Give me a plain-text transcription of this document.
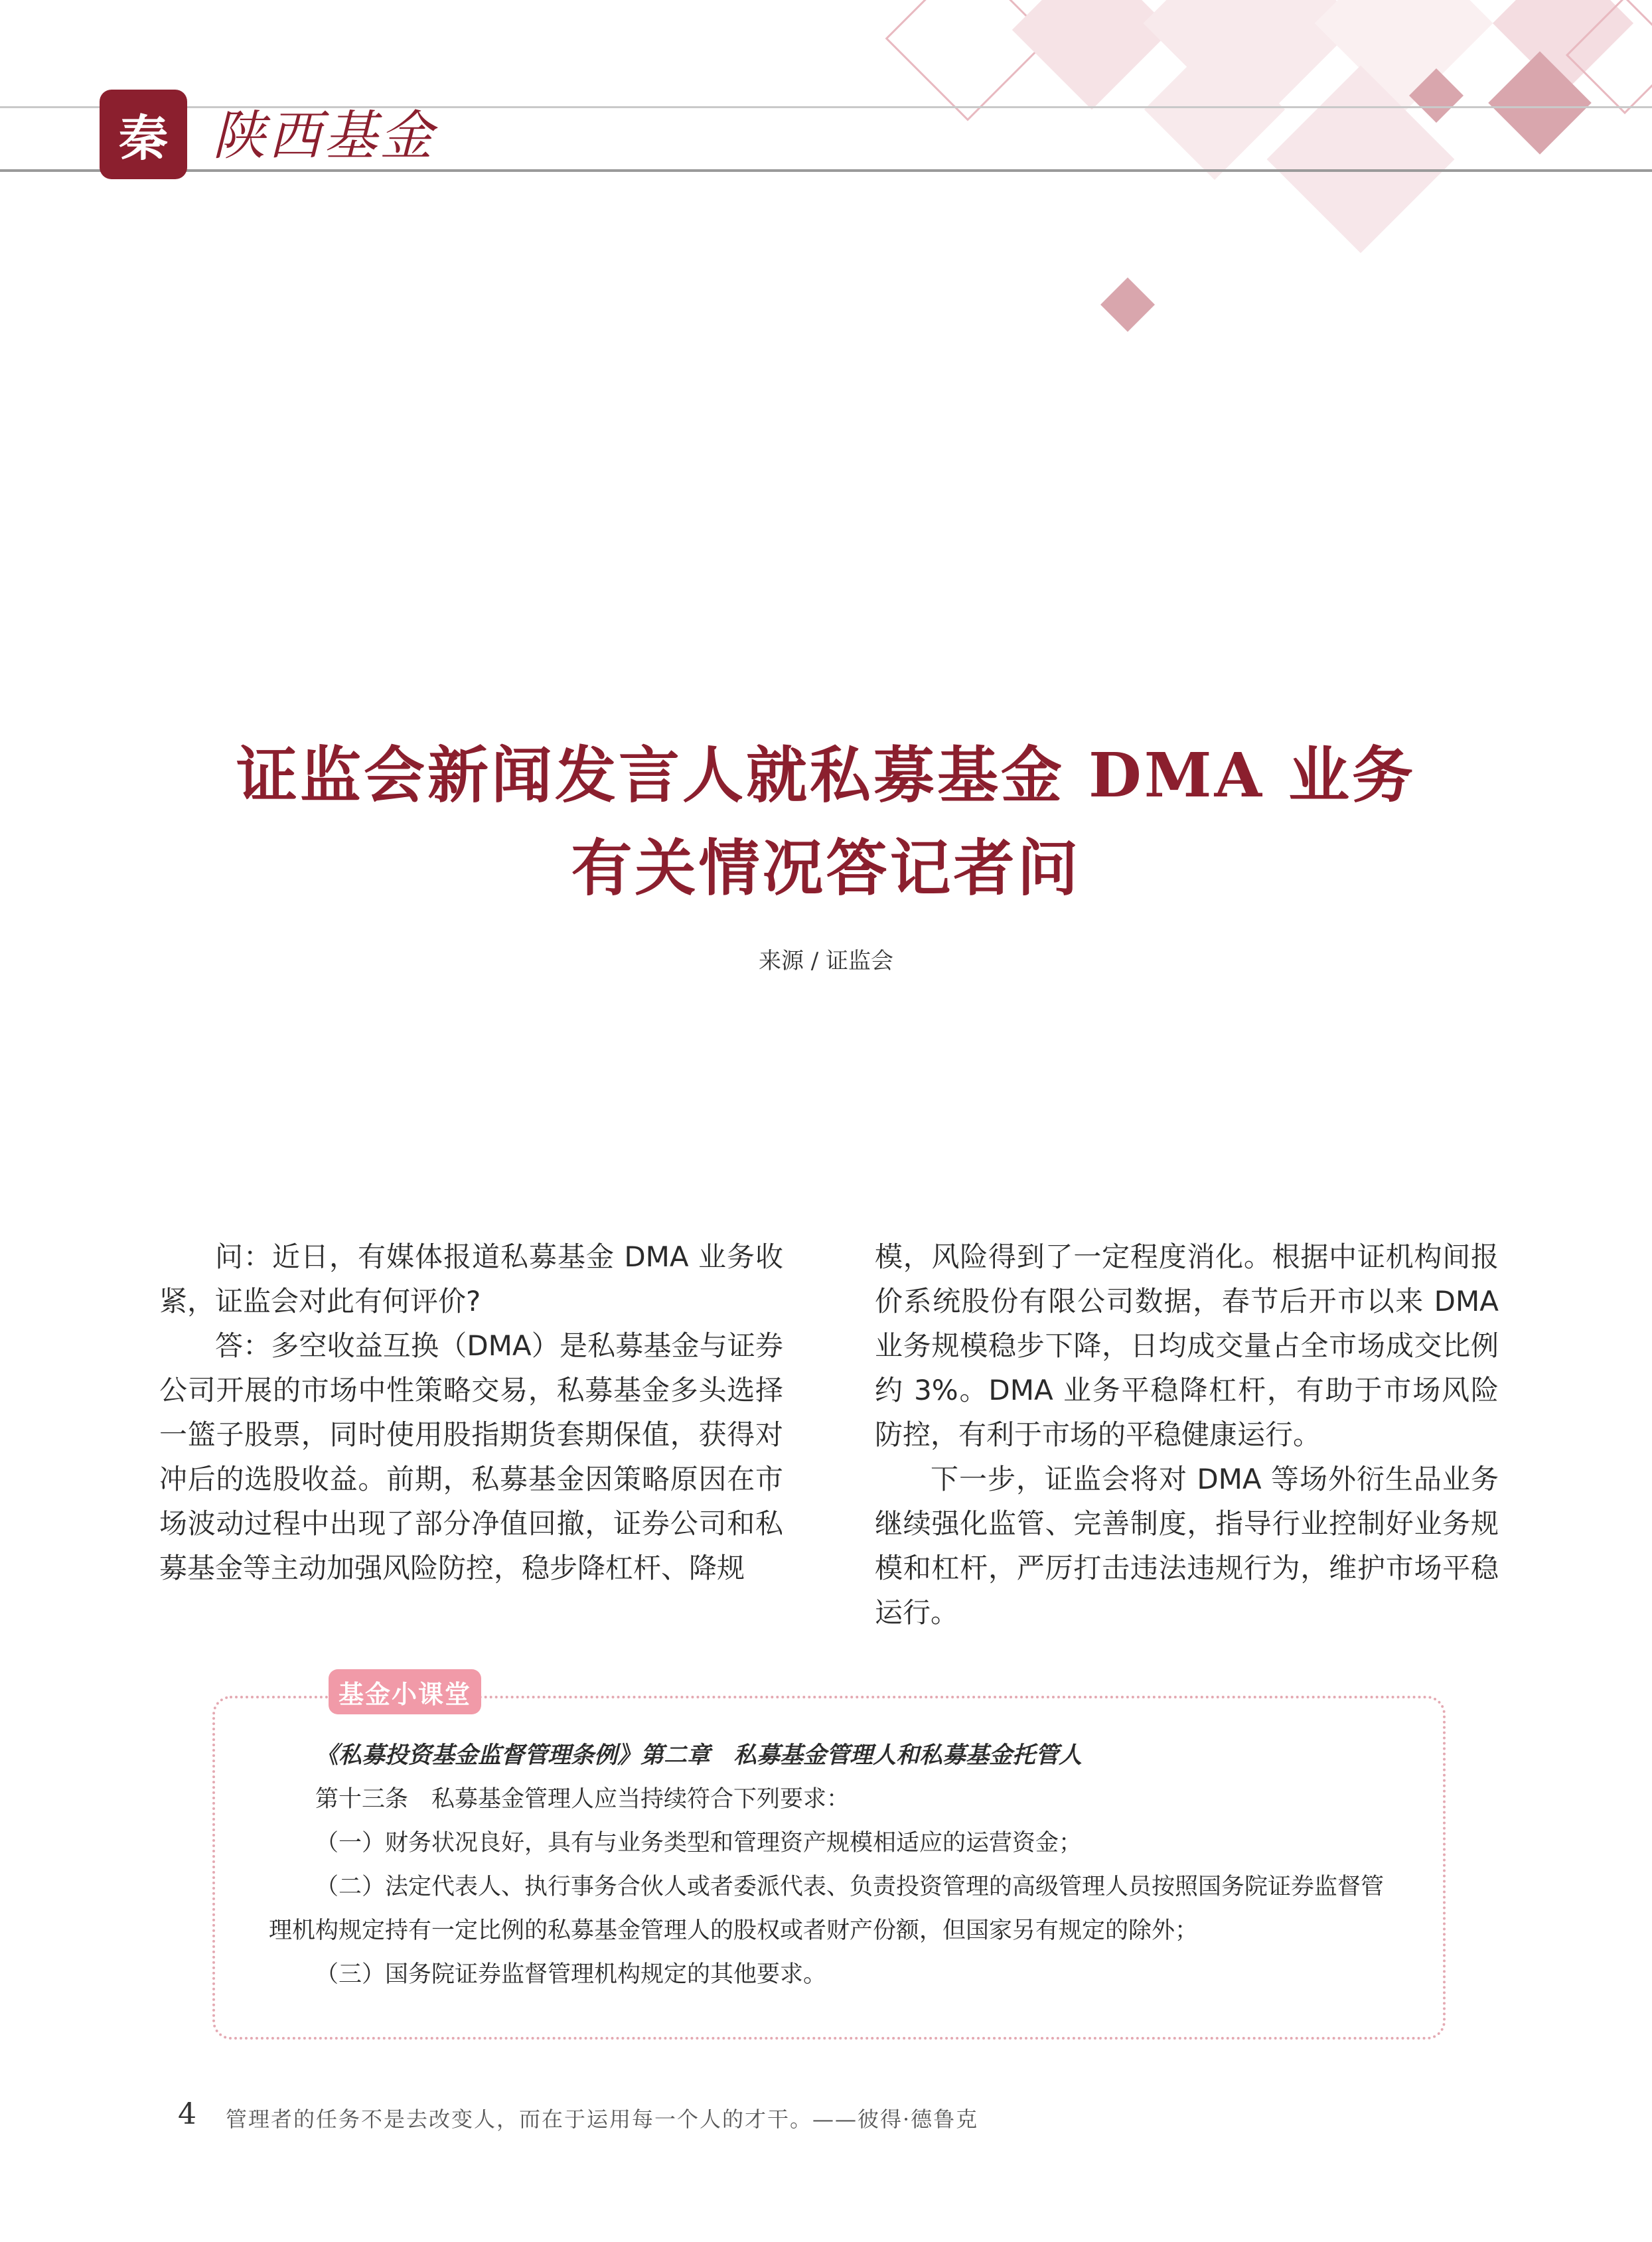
秦 陕西基金
证监会新闻发言人就私募基金 DMA 业务
有关情况答记者问
来源 / 证监会

问：近日，有媒体报道私募基金 DMA 业务收紧，证监会对此有何评价?

答：多空收益互换（DMA）是私募基金与证券公司开展的市场中性策略交易，私募基金多头选择一篮子股票，同时使用股指期货套期保值，获得对冲后的选股收益。前期，私募基金因策略原因在市场波动过程中出现了部分净值回撤，证券公司和私募基金等主动加强风险防控，稳步降杠杆、降规

模，风险得到了一定程度消化。根据中证机构间报价系统股份有限公司数据，春节后开市以来 DMA 业务规模稳步下降，日均成交量占全市场成交比例约 3%。DMA 业务平稳降杠杆，有助于市场风险防控，有利于市场的平稳健康运行。

下一步，证监会将对 DMA 等场外衍生品业务继续强化监管、完善制度，指导行业控制好业务规模和杠杆，严厉打击违法违规行为，维护市场平稳运行。

基金小课堂

《私募投资基金监督管理条例》第二章　私募基金管理人和私募基金托管人

第十三条　私募基金管理人应当持续符合下列要求：

（一）财务状况良好，具有与业务类型和管理资产规模相适应的运营资金；

（二）法定代表人、执行事务合伙人或者委派代表、负责投资管理的高级管理人员按照国务院证券监督管理机构规定持有一定比例的私募基金管理人的股权或者财产份额，但国家另有规定的除外；

（三）国务院证券监督管理机构规定的其他要求。

4 管理者的任务不是去改变人，而在于运用每一个人的才干。——彼得·德鲁克
